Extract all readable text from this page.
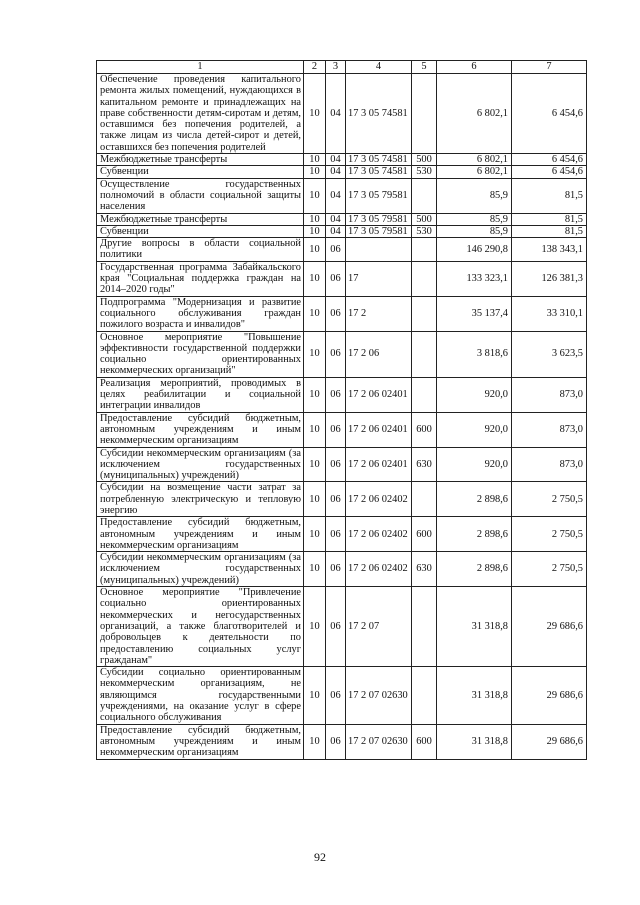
1	2	3	4	5	6	7
Обеспечение проведения капитального ремонта жилых помещений, нуждающихся в капитальном ремонте и принадлежащих на праве собственности детям-сиротам и детям, оставшимся без попечения родителей, а также лицам из числа детей-сирот и детей, оставшихся без попечения родителей	10	04	17 3 05 74581		6 802,1	6 454,6
Межбюджетные трансферты	10	04	17 3 05 74581	500	6 802,1	6 454,6
Субвенции	10	04	17 3 05 74581	530	6 802,1	6 454,6
Осуществление государственных полномочий в области социальной защиты населения	10	04	17 3 05 79581		85,9	81,5
Межбюджетные трансферты	10	04	17 3 05 79581	500	85,9	81,5
Субвенции	10	04	17 3 05 79581	530	85,9	81,5
Другие вопросы в области социальной политики	10	06			146 290,8	138 343,1
Государственная программа Забайкальского края "Социальная поддержка граждан на 2014–2020 годы"	10	06	17		133 323,1	126 381,3
Подпрограмма "Модернизация и развитие социального обслуживания граждан пожилого возраста и инвалидов"	10	06	17 2		35 137,4	33 310,1
Основное мероприятие "Повышение эффективности государственной поддержки социально ориентированных некоммерческих организаций"	10	06	17 2 06		3 818,6	3 623,5
Реализация мероприятий, проводимых в целях реабилитации и социальной интеграции инвалидов	10	06	17 2 06 02401		920,0	873,0
Предоставление субсидий бюджетным, автономным учреждениям и иным некоммерческим организациям	10	06	17 2 06 02401	600	920,0	873,0
Субсидии некоммерческим организациям (за исключением государственных (муниципальных) учреждений)	10	06	17 2 06 02401	630	920,0	873,0
Субсидии на возмещение части затрат за потребленную электрическую и тепловую энергию	10	06	17 2 06 02402		2 898,6	2 750,5
Предоставление субсидий бюджетным, автономным учреждениям и иным некоммерческим организациям	10	06	17 2 06 02402	600	2 898,6	2 750,5
Субсидии некоммерческим организациям (за исключением государственных (муниципальных) учреждений)	10	06	17 2 06 02402	630	2 898,6	2 750,5
Основное мероприятие "Привлечение социально ориентированных некоммерческих и негосударственных организаций, а также благотворителей и добровольцев к деятельности по предоставлению социальных услуг гражданам"	10	06	17 2 07		31 318,8	29 686,6
Субсидии социально ориентированным некоммерческим организациям, не являющимся государственными учреждениями, на оказание услуг в сфере социального обслуживания	10	06	17 2 07 02630		31 318,8	29 686,6
Предоставление субсидий бюджетным, автономным учреждениям и иным некоммерческим организациям	10	06	17 2 07 02630	600	31 318,8	29 686,6
92
